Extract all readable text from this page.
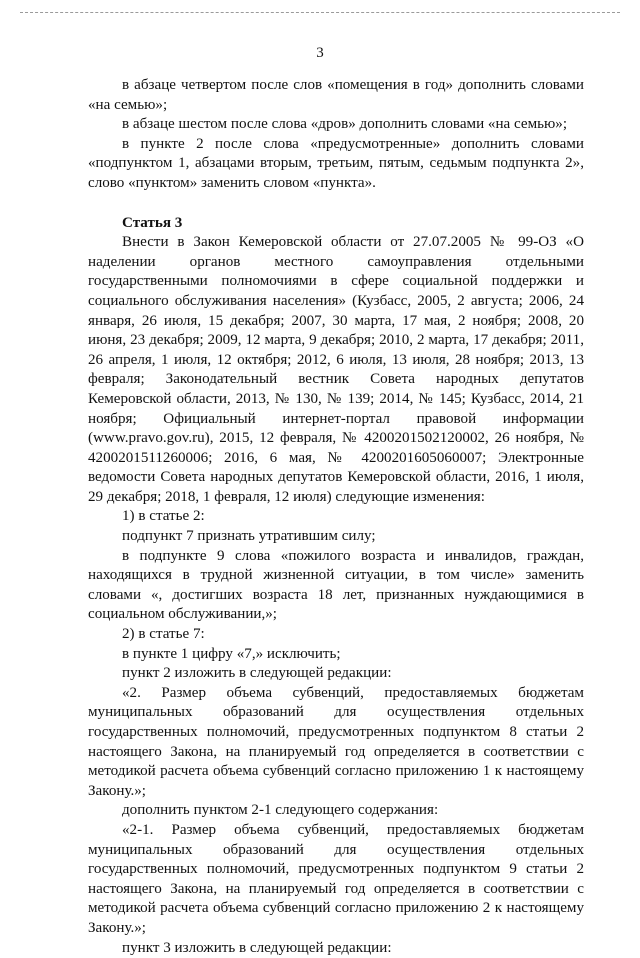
3

в абзаце четвертом после слов «помещения в год» дополнить словами «на семью»;

в абзаце шестом после слова «дров» дополнить словами «на семью»;

в пункте 2 после слова «предусмотренные» дополнить словами «подпунктом 1, абзацами вторым, третьим, пятым, седьмым подпункта 2», слово «пунктом» заменить словом «пункта».

Статья 3

Внести в Закон Кемеровской области от 27.07.2005 № 99-ОЗ «О наделении органов местного самоуправления отдельными государственными полномочиями в сфере социальной поддержки и социального обслуживания населения» (Кузбасс, 2005, 2 августа; 2006, 24 января, 26 июля, 15 декабря; 2007, 30 марта, 17 мая, 2 ноября; 2008, 20 июня, 23 декабря; 2009, 12 марта, 9 декабря; 2010, 2 марта, 17 декабря; 2011, 26 апреля, 1 июля, 12 октября; 2012, 6 июля, 13 июля, 28 ноября; 2013, 13 февраля; Законодательный вестник Совета народных депутатов Кемеровской области, 2013, № 130, № 139; 2014, № 145; Кузбасс, 2014, 21 ноября; Официальный интернет-портал правовой информации (www.pravo.gov.ru), 2015, 12 февраля, № 4200201502120002, 26 ноября, № 4200201511260006; 2016, 6 мая, № 4200201605060007; Электронные ведомости Совета народных депутатов Кемеровской области, 2016, 1 июля, 29 декабря; 2018, 1 февраля, 12 июля) следующие изменения:

1) в статье 2:

подпункт 7 признать утратившим силу;

в подпункте 9 слова «пожилого возраста и инвалидов, граждан, находящихся в трудной жизненной ситуации, в том числе» заменить словами «, достигших возраста 18 лет, признанных нуждающимися в социальном обслуживании,»;

2) в статье 7:

в пункте 1 цифру «7,» исключить;

пункт 2 изложить в следующей редакции:

«2. Размер объема субвенций, предоставляемых бюджетам муниципальных образований для осуществления отдельных государственных полномочий, предусмотренных подпунктом 8 статьи 2 настоящего Закона, на планируемый год определяется в соответствии с методикой расчета объема субвенций согласно приложению 1 к настоящему Закону.»;

дополнить пунктом 2-1 следующего содержания:

«2-1. Размер объема субвенций, предоставляемых бюджетам муниципальных образований для осуществления отдельных государственных полномочий, предусмотренных подпунктом 9 статьи 2 настоящего Закона, на планируемый год определяется в соответствии с методикой расчета объема субвенций согласно приложению 2 к настоящему Закону.»;

пункт 3 изложить в следующей редакции:
